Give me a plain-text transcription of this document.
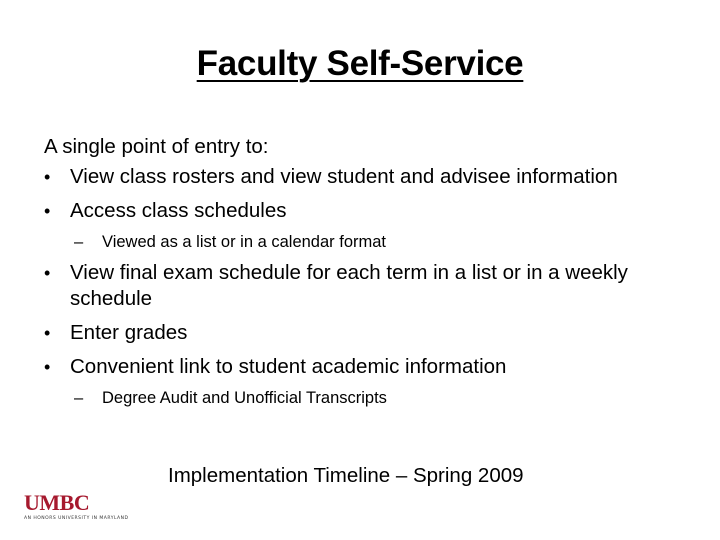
Faculty Self-Service

A single point of entry to:

• View class rosters and view student and advisee information
• Access class schedules
– Viewed as a list or in a calendar format
• View final exam schedule for each term in a list or in a weekly schedule
• Enter grades
• Convenient link to student academic information
– Degree Audit and Unofficial Transcripts
Implementation Timeline – Spring 2009
UMBC
AN HONORS UNIVERSITY IN MARYLAND
